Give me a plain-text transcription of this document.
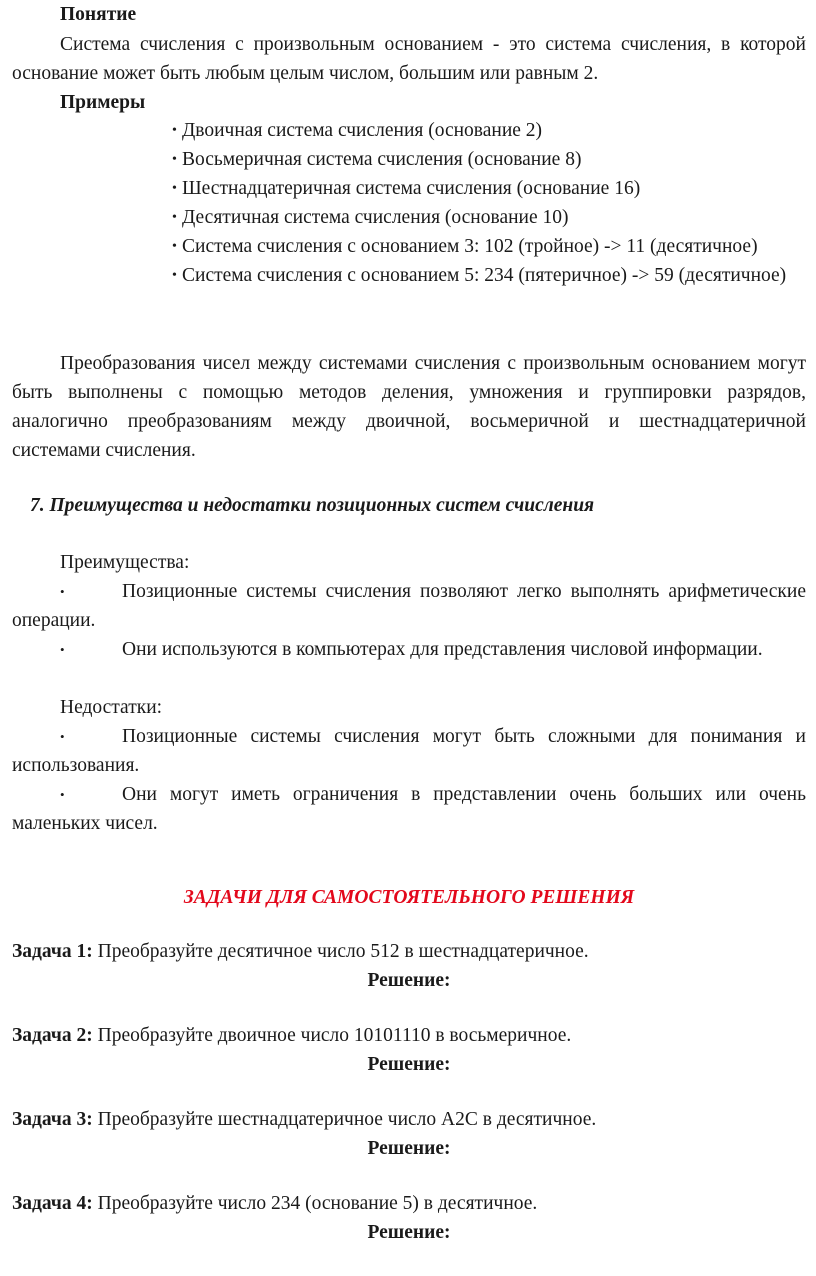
Понятие

Система счисления с произвольным основанием - это система счисления, в которой основание может быть любым целым числом, большим или равным 2.

Примеры

• Двоичная система счисления (основание 2)
• Восьмеричная система счисления (основание 8)
• Шестнадцатеричная система счисления (основание 16)
• Десятичная система счисления (основание 10)
• Система счисления с основанием 3: 102 (тройное) -> 11 (десятичное)
• Система счисления с основанием 5: 234 (пятеричное) -> 59 (десятичное)

Преобразования чисел между системами счисления с произвольным основанием могут быть выполнены с помощью методов деления, умножения и группировки разрядов, аналогично преобразованиям между двоичной, восьмеричной и шестнадцатеричной системами счисления.

7. Преимущества и недостатки позиционных систем счисления

Преимущества:

•	Позиционные системы счисления позволяют легко выполнять арифметические операции.
•	Они используются в компьютерах для представления числовой информации.

Недостатки:

•	Позиционные системы счисления могут быть сложными для понимания и использования.
•	Они могут иметь ограничения в представлении очень больших или очень маленьких чисел.

ЗАДАЧИ ДЛЯ САМОСТОЯТЕЛЬНОГО РЕШЕНИЯ

Задача 1: Преобразуйте десятичное число 512 в шестнадцатеричное.

Решение:

Задача 2: Преобразуйте двоичное число 10101110 в восьмеричное.

Решение:

Задача 3: Преобразуйте шестнадцатеричное число A2C в десятичное.

Решение:

Задача 4: Преобразуйте число 234 (основание 5) в десятичное.

Решение:
